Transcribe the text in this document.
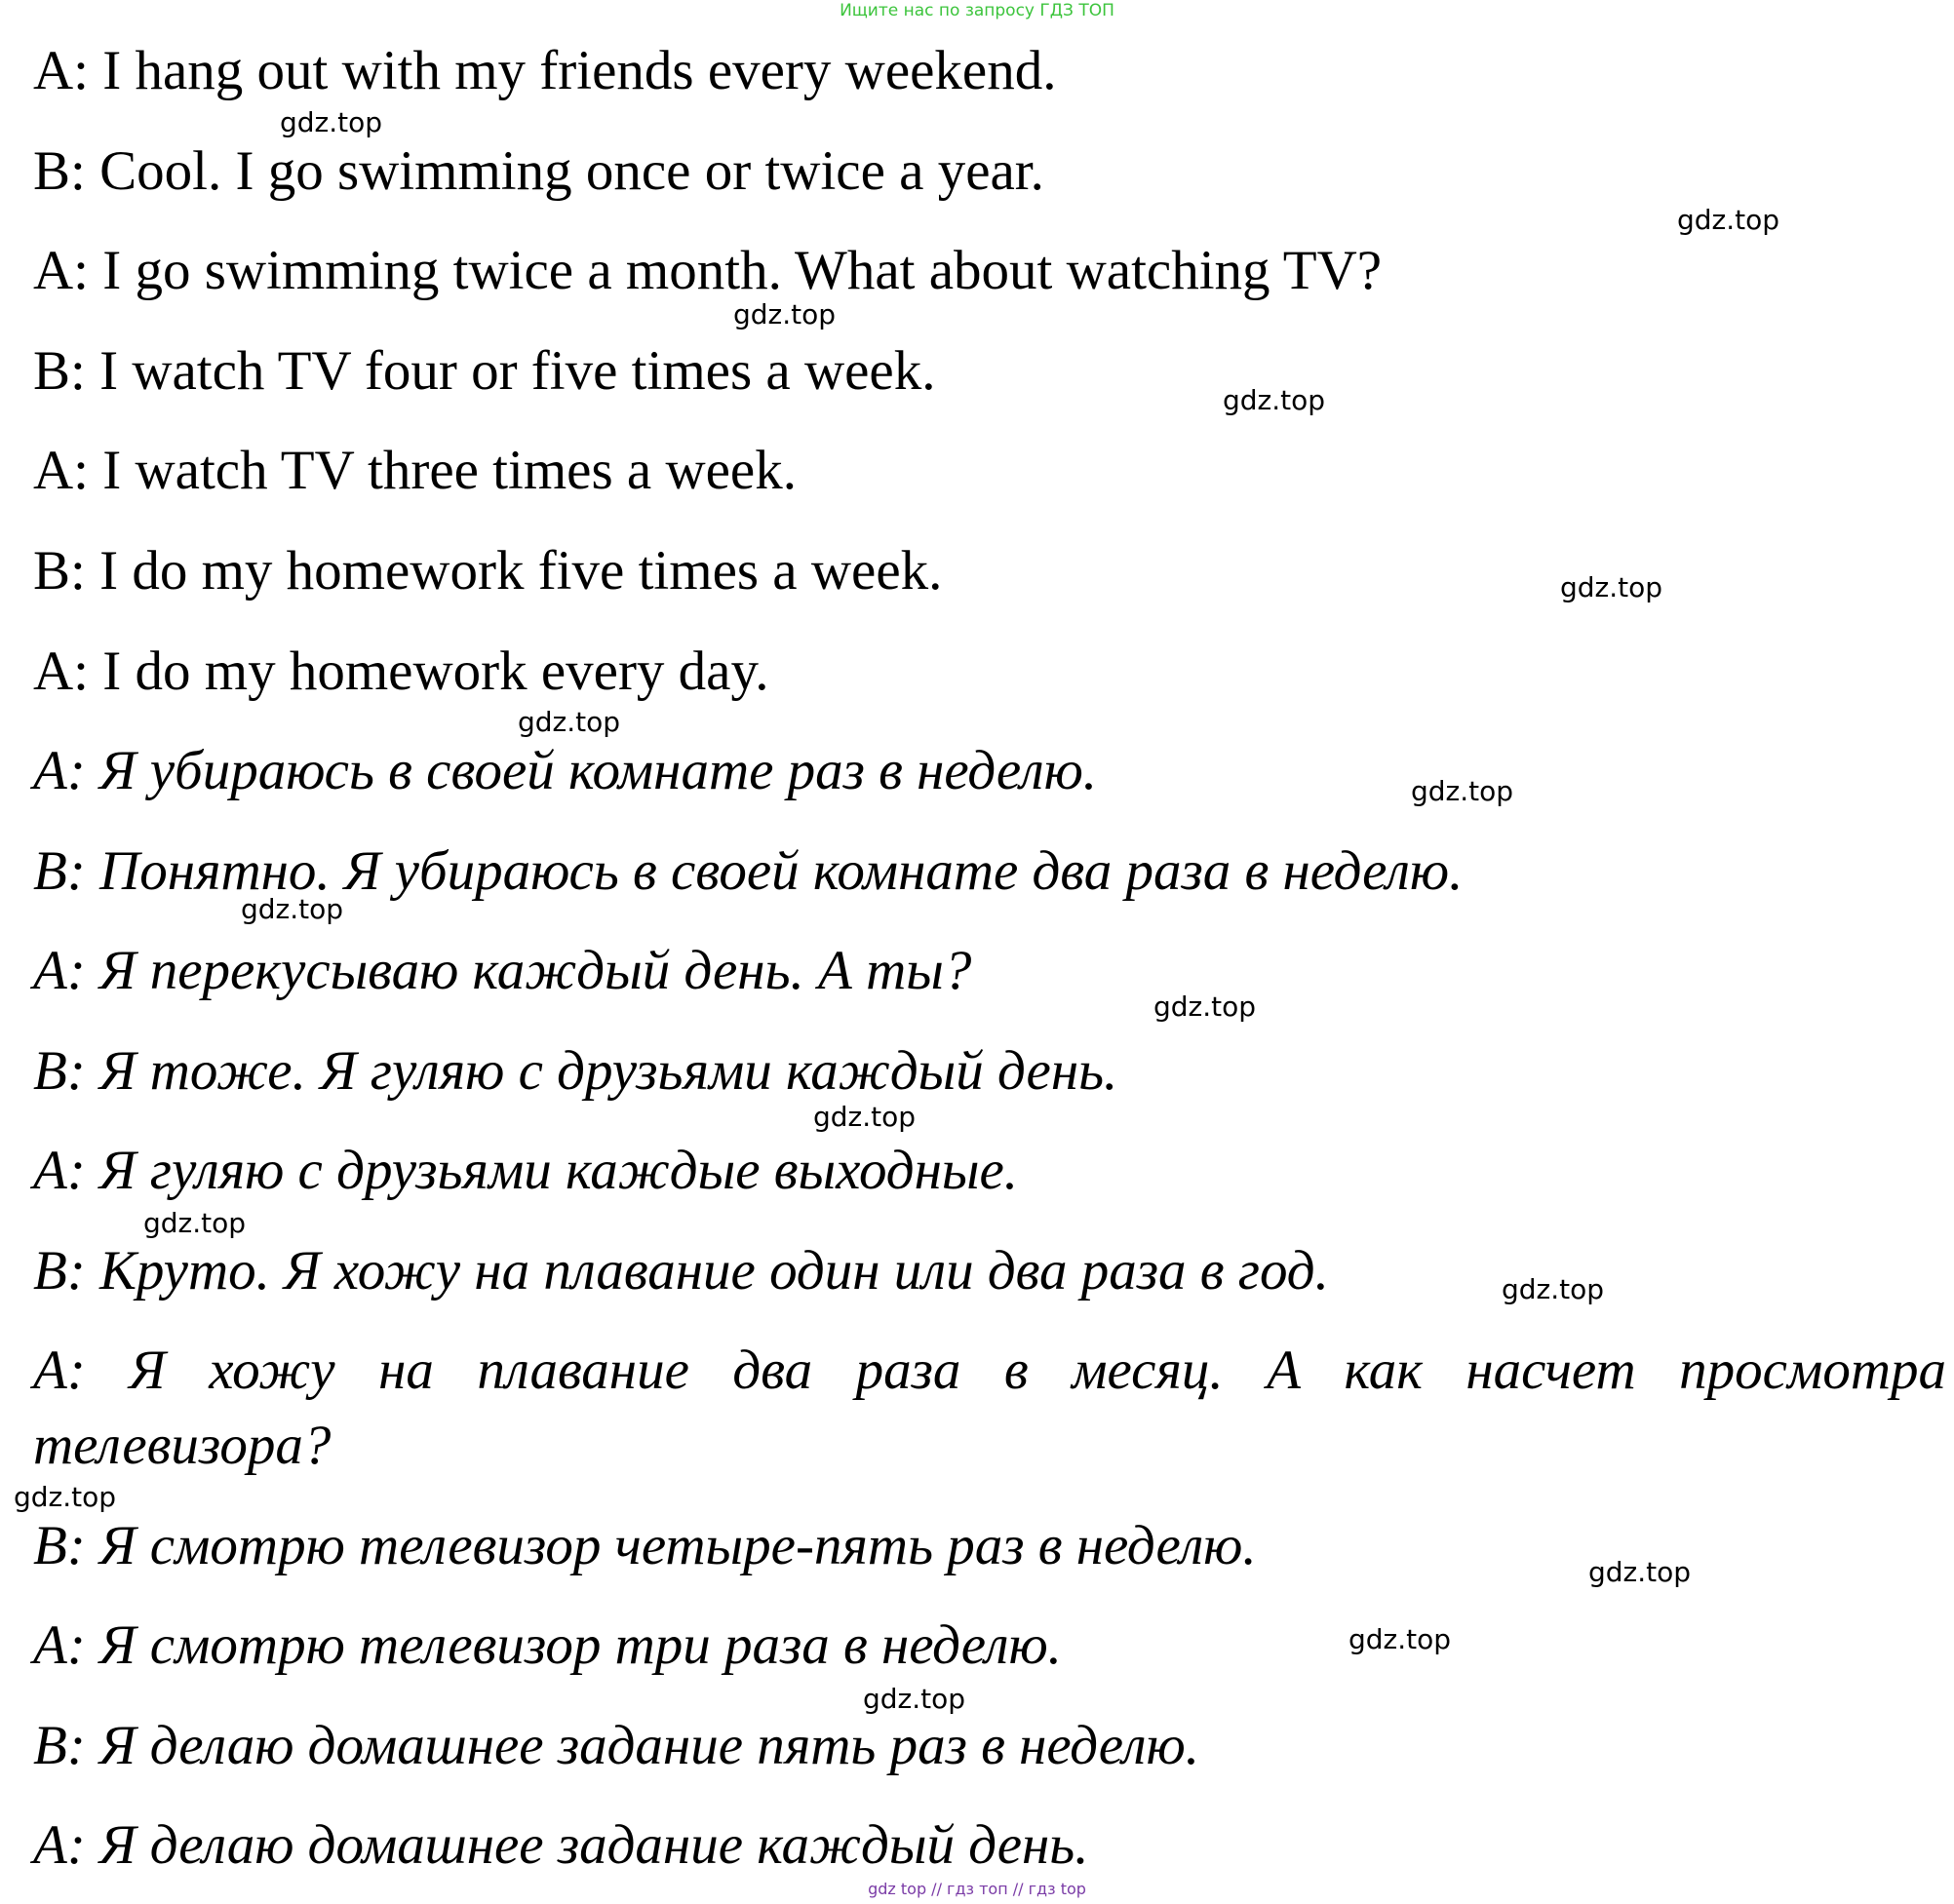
Ищите нас по запросу ГДЗ ТОП
A: I hang out with my friends every weekend.
B: Cool. I go swimming once or twice a year.
A: I go swimming twice a month. What about watching TV?
B: I watch TV four or five times a week.
A: I watch TV three times a week.
B: I do my homework five times a week.
A: I do my homework every day.
A: Я убираюсь в своей комнате раз в неделю.
B: Понятно. Я убираюсь в своей комнате два раза в неделю.
A: Я перекусываю каждый день. А ты?
B: Я тоже. Я гуляю с друзьями каждый день.
A: Я гуляю с друзьями каждые выходные.
B: Круто. Я хожу на плавание один или два раза в год.
A: Я хожу на плавание два раза в месяц. А как насчет просмотра
телевизора?
B: Я смотрю телевизор четыре-пять раз в неделю.
A: Я смотрю телевизор три раза в неделю.
B: Я делаю домашнее задание пять раз в неделю.
A: Я делаю домашнее задание каждый день.
gdz.top
gdz.top
gdz.top
gdz.top
gdz.top
gdz.top
gdz.top
gdz.top
gdz.top
gdz.top
gdz.top
gdz.top
gdz.top
gdz.top
gdz.top
gdz.top
gdz top // гдз топ // гдз top
